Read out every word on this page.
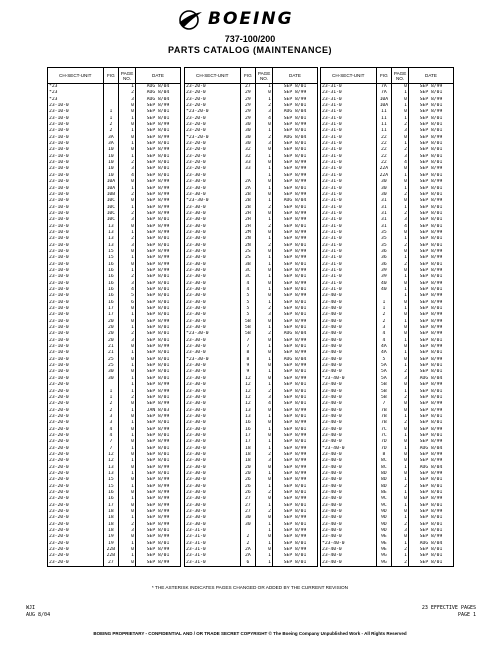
BOEING
737-100/200
PARTS CATALOG (MAINTENANCE)
CH-SECT-UNIT	FIG	PAGE NO.	DATE
*23		1	AUG 8/04
*23		2	AUG 8/04
*23		3	AUG 8/04
23-10-0		0	SEP 8/99
23-10-0	1	0	SEP 8/01
23-10-0	1	1	SEP 8/01
23-10-0	2	0	SEP 8/99
23-10-0	2	1	SEP 8/01
23-10-0	3A	0	SEP 8/99
23-10-0	3A	1	SEP 8/01
23-10-0	10	0	SEP 8/99
23-10-0	10	1	SEP 8/01
23-10-0	10	2	SEP 8/01
23-10-0	10	3	SEP 8/01
23-10-0	10	4	SEP 8/01
23-10-0	10A	0	SEP 8/99
23-10-0	10A	1	SEP 8/99
23-10-0	10B	2	SEP 8/99
23-10-0	10C	0	SEP 8/99
23-10-0	10C	1	SEP 8/99
23-10-0	10C	2	SEP 8/99
23-10-0	10C	3	SEP 8/01
23-10-0	13	0	SEP 8/99
23-10-0	13	1	SEP 8/99
23-10-0	13	2	SEP 8/01
23-10-0	13	3	SEP 8/01
23-10-0	15	0	SEP 8/99
23-10-0	15	1	SEP 8/99
23-10-0	16	0	SEP 8/99
23-10-0	16	1	SEP 8/99
23-10-0	16	2	SEP 8/01
23-10-0	16	3	SEP 8/01
23-10-0	16	4	SEP 8/01
23-10-0	16	5	SEP 8/01
23-10-0	16	6	SEP 8/01
23-10-0	17	0	SEP 8/01
23-10-0	17	1	SEP 8/01
23-10-0	20	0	SEP 8/99
23-10-0	20	1	SEP 8/01
23-10-0	20	2	SEP 8/01
23-10-0	20	3	SEP 8/01
23-10-0	21	0	SEP 8/99
23-10-0	21	1	SEP 8/01
23-10-0	25	0	SEP 8/01
23-10-0	25	1	SEP 8/01
23-10-0	30	0	SEP 8/01
23-10-0	30	1	SEP 8/01
23-20-0		1	SEP 8/99
23-20-0	1	1	SEP 8/99
23-20-0	1	2	SEP 8/01
23-20-0	2	0	SEP 8/99
23-20-0	2	1	JAN 8/03
23-20-0	3	0	SEP 8/99
23-20-0	3	1	SEP 8/01
23-20-0	4	0	SEP 8/99
23-20-0	4	1	SEP 8/01
23-20-0	7	0	SEP 8/99
23-20-0	7	1	SEP 8/01
23-20-0	12	0	SEP 8/01
23-20-0	12	1	SEP 8/01
23-20-0	13	0	SEP 8/99
23-20-0	13	1	SEP 8/01
23-20-0	15	0	SEP 8/99
23-20-0	15	1	SEP 8/99
23-20-0	16	0	SEP 8/99
23-20-0	16	1	SEP 8/99
23-20-0	17	0	SEP 8/99
23-20-0	18	0	SEP 8/99
23-20-0	18	1	SEP 8/99
23-20-0	18	2	SEP 8/99
23-20-0	18	3	SEP 8/01
23-20-0	19	0	SEP 8/99
23-20-0	19	1	SEP 8/01
23-20-0	22B	0	SEP 8/99
23-20-0	22B	1	SEP 8/01
23-20-0	27	0	SEP 8/99
CH-SECT-UNIT	FIG	PAGE NO.	DATE
23-20-0	27	1	SEP 8/01
23-20-0	29	0	SEP 8/99
23-20-0	29	1	SEP 8/99
23-20-0	29	2	SEP 8/01
*23-20-0	29	3	AUG 8/04
23-20-0	29	4	SEP 8/01
23-20-0	30	0	SEP 8/99
23-20-0	30	1	SEP 8/01
*23-20-0	30	2	AUG 8/04
23-20-0	30	3	SEP 8/01
23-20-0	32	0	SEP 8/01
23-20-0	32	1	SEP 8/01
23-20-0	33	0	SEP 8/99
23-20-0	33	1	SEP 8/99
23-30-0		1	SEP 8/99
23-30-0	2A	0	SEP 8/99
23-30-0	2A	1	SEP 8/01
23-30-0	2B	0	SEP 8/99
*23-30-0	2B	1	AUG 8/04
23-30-0	2B	2	SEP 8/01
23-30-0	2H	0	SEP 8/99
23-30-0	2H	1	SEP 8/99
23-30-0	2H	2	SEP 8/01
23-30-0	2M	0	SEP 8/99
23-30-0	2N	1	SEP 8/99
23-30-0	2N	2	SEP 8/01
23-30-0	2S	0	SEP 8/99
23-30-0	2S	1	SEP 8/99
23-30-0	3B	1	SEP 8/01
23-30-0	3C	0	SEP 8/99
23-30-0	3C	1	SEP 8/01
23-30-0	4	0	SEP 8/99
23-30-0	4	1	SEP 8/01
23-30-0	5	0	SEP 8/99
23-30-0	5	1	SEP 8/01
23-30-0	5	2	SEP 8/01
23-30-0	5	3	SEP 8/01
23-30-0	5B	0	SEP 8/99
23-30-0	5B	1	SEP 8/01
*23-30-0	5B	2	AUG 8/04
23-30-0	7	0	SEP 8/99
23-30-0	7	1	SEP 8/01
23-30-0	8	0	SEP 8/99
*23-30-0	8	1	AUG 8/04
23-30-0	9	0	SEP 8/99
23-30-0	9	1	SEP 8/01
23-30-0	12	0	SEP 8/99
23-30-0	12	1	SEP 8/01
23-30-0	12	2	SEP 8/01
23-30-0	12	3	SEP 8/01
23-30-0	12	4	SEP 8/01
23-30-0	13	0	SEP 8/99
23-30-0	13	1	SEP 8/01
23-30-0	16	0	SEP 8/99
23-30-0	16	1	SEP 8/01
23-30-0	17	0	SEP 8/99
23-30-0	17	1	SEP 8/01
23-30-0	18	1	SEP 8/99
23-30-0	18	2	SEP 8/99
23-30-0	18	3	SEP 8/99
23-30-0	20	0	SEP 8/99
23-30-0	20	1	SEP 8/99
23-30-0	26	0	SEP 8/99
23-30-0	26	1	SEP 8/01
23-30-0	26	2	SEP 8/01
23-30-0	27	0	SEP 8/99
23-30-0	27	1	SEP 8/01
23-30-0	27	2	SEP 8/01
23-30-0	30	0	SEP 8/99
23-30-0	30	1	SEP 8/01
23-31-0		1	SEP 8/99
23-31-0	2	0	SEP 8/99
23-31-0	2	1	SEP 8/01
23-31-0	2A	0	SEP 8/99
23-31-0	2A	1	SEP 8/01
23-31-0	6	1	SEP 8/01
CH-SECT-UNIT	FIG	PAGE NO.	DATE
23-31-0	7A	0	SEP 8/99
23-31-0	7A	1	SEP 8/01
23-31-0	10A	0	SEP 8/99
23-31-0	10A	1	SEP 8/01
23-31-0	11	0	SEP 8/99
23-31-0	11	1	SEP 8/01
23-31-0	11	2	SEP 8/01
23-31-0	11	3	SEP 8/01
23-31-0	22	0	SEP 8/99
23-31-0	22	1	SEP 8/01
23-31-0	22	2	SEP 8/01
23-31-0	22	3	SEP 8/01
23-31-0	22	4	SEP 8/01
23-31-0	22A	0	SEP 8/99
23-31-0	22A	1	SEP 8/01
23-31-0	30	0	SEP 8/99
23-31-0	30	1	SEP 8/01
23-31-0	30	2	SEP 8/01
23-31-0	31	0	SEP 8/99
23-31-0	31	1	SEP 8/01
23-31-0	31	2	SEP 8/01
23-31-0	31	3	SEP 8/01
23-31-0	31	4	SEP 8/01
23-31-0	35	0	SEP 8/99
23-31-0	35	1	SEP 8/01
23-31-0	35	2	SEP 8/01
23-31-0	36	0	SEP 8/99
23-31-0	36	1	SEP 8/99
23-31-0	36	2	SEP 8/01
23-31-0	39	0	SEP 8/99
23-31-0	39	1	SEP 8/01
23-31-0	40	0	SEP 8/99
23-31-0	40	1	SEP 8/01
23-40-0		1	SEP 8/99
23-40-0	1	0	SEP 8/99
23-40-0	1	1	SEP 8/01
23-40-0	2	0	SEP 8/99
23-40-0	2	1	SEP 8/99
23-40-0	3	0	SEP 8/99
23-40-0	4	0	SEP 8/99
23-40-0	4	1	SEP 8/01
23-40-0	4A	0	SEP 8/99
23-40-0	4A	1	SEP 8/01
23-40-0	5	0	SEP 8/99
23-40-0	5A	1	SEP 8/01
23-40-0	5A	2	SEP 8/01
*23-40-0	5A	3	AUG 8/04
23-40-0	5B	0	SEP 8/99
23-40-0	5B	1	SEP 8/01
23-40-0	5B	2	SEP 8/01
23-40-0	7	0	SEP 8/99
23-40-0	7B	0	SEP 8/99
23-40-0	7B	1	SEP 8/01
23-40-0	7B	2	SEP 8/01
23-40-0	7C	0	SEP 8/99
23-40-0	7C	1	SEP 8/01
23-40-0	7D	0	SEP 8/99
*23-40-0	7D	1	AUG 8/04
23-40-0	8	0	SEP 8/99
23-40-0	8C	0	SEP 8/99
23-40-0	8C	1	AUG 8/04
23-40-0	8D	0	SEP 8/99
23-40-0	8D	1	SEP 8/01
23-40-0	8D	2	SEP 8/01
23-40-0	8E	1	SEP 8/01
23-40-0	9C	0	SEP 8/99
23-40-0	9C	1	SEP 8/01
23-40-0	9D	0	SEP 8/99
23-40-0	9D	1	SEP 8/01
23-40-0	9D	2	SEP 8/01
23-40-0	9D	3	SEP 8/01
23-40-0	9E	0	SEP 8/99
*23-40-0	9E	1	AUG 8/04
23-40-0	9E	2	SEP 8/01
23-40-0	9G	1	SEP 8/01
23-40-0	9G	2	SEP 8/01
* THE ASTERISK INDICATES PAGES CHANGED OR ADDED BY THE CURRENT REVISION
WJI
AUG 8/04
23 EFFECTIVE PAGES
PAGE 1
BOEING PROPRIETARY - CONFIDENTIAL AND / OR TRADE SECRET COPYRIGHT © The Boeing Company Unpublished Work - All Rights Reserved
